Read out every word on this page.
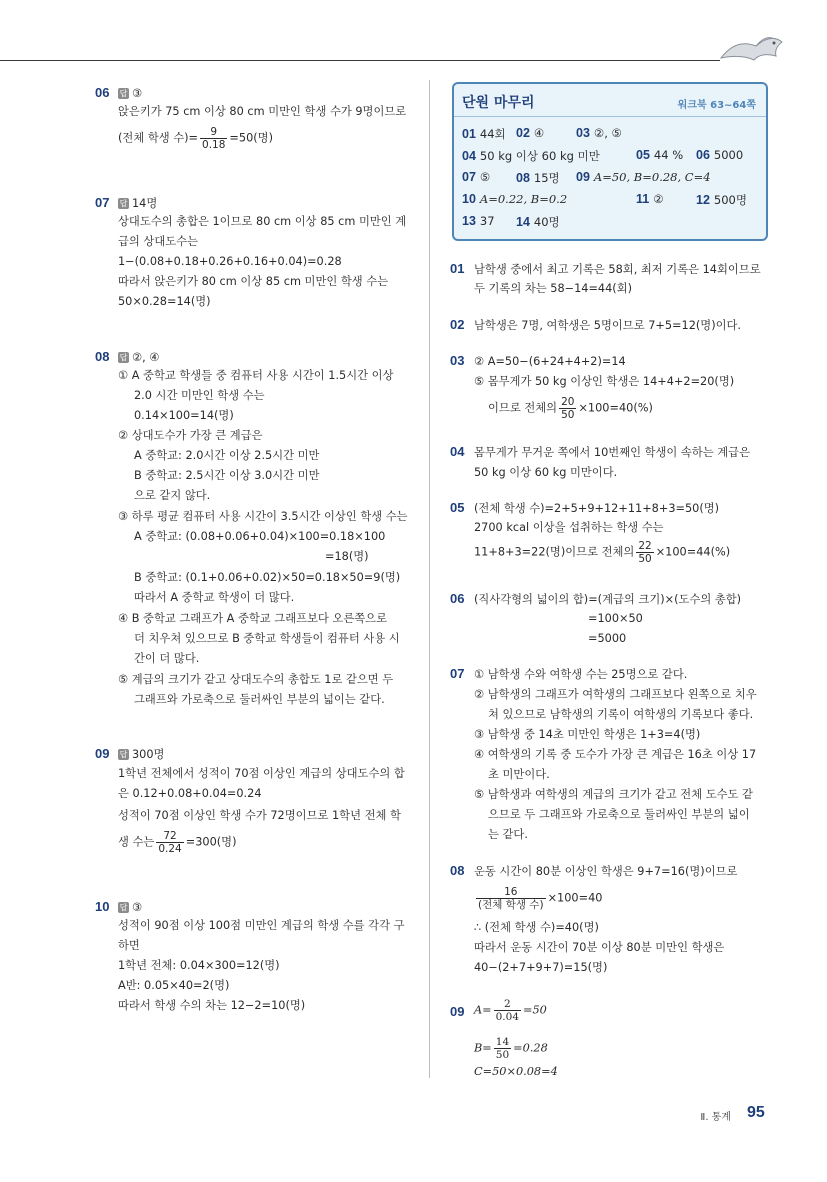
06 답 ③
앉은키가 75 cm 이상 80 cm 미만인 학생 수가 9명이므로
(전체 학생 수)= $\frac{9}{0.18} =50$(명)
07 답 14명
상대도수의 총합은 1이므로 80 cm 이상 85 cm 미만인 계
급의 상대도수는
1−(0.08+0.18+0.26+0.16+0.04)=0.28
따라서 앉은키가 80 cm 이상 85 cm 미만인 학생 수는
50×0.28=14(명)
08 답 ②, ④
① A 중학교 학생들 중 컴퓨터 사용 시간이 1.5시간 이상
2.0 시간 미만인 학생 수는
0.14×100=14(명)
② 상대도수가 가장 큰 계급은
A 중학교: 2.0시간 이상 2.5시간 미만
B 중학교: 2.5시간 이상 3.0시간 미만
으로 같지 않다.
③ 하루 평균 컴퓨터 사용 시간이 3.5시간 이상인 학생 수는
A 중학교: (0.08+0.06+0.04)×100=0.18×100
=18(명)
B 중학교: (0.1+0.06+0.02)×50=0.18×50=9(명)
따라서 A 중학교 학생이 더 많다.
④ B 중학교 그래프가 A 중학교 그래프보다 오른쪽으로
더 치우쳐 있으므로 B 중학교 학생들이 컴퓨터 사용 시
간이 더 많다.
⑤ 계급의 크기가 같고 상대도수의 총합도 1로 같으면 두
그래프와 가로축으로 둘러싸인 부분의 넓이는 같다.
09 답 300명
1학년 전체에서 성적이 70점 이상인 계급의 상대도수의 합
은 0.12+0.08+0.04=0.24
성적이 70점 이상인 학생 수가 72명이므로 1학년 전체 학
생 수는 $\frac{72}{0.24} =300$(명)
10 답 ③
성적이 90점 이상 100점 미만인 계급의 학생 수를 각각 구
하면
1학년 전체: 0.04×300=12(명)
A반: 0.05×40=2(명)
따라서 학생 수의 차는 12−2=10(명)
단원 마무리	워크북 63~64쪽
01 44회 02 ④	03 ②, ⑤
04 50 kg 이상 60 kg 미만	05 44 % 06 5000
07 ⑤ 08 15명 09 A=50, B=0.28, C=4
10 A=0.22, B=0.2	11 ②	12 500명
13 37 14 40명
01 남학생 중에서 최고 기록은 58회, 최저 기록은 14회이므로
두 기록의 차는 58−14=44(회)
02 남학생은 7명, 여학생은 5명이므로 7+5=12(명)이다.
03 ② A=50−(6+24+4+2)=14
⑤ 몸무게가 50 kg 이상인 학생은 14+4+2=20(명)
이므로 전체의 $\frac{20}{50} \times 100=40(\%)$
04 몸무게가 무거운 쪽에서 10번째인 학생이 속하는 계급은
50 kg 이상 60 kg 미만이다.
05 (전체 학생 수)=2+5+9+12+11+8+3=50(명)
2700 kcal 이상을 섭취하는 학생 수는
11+8+3=22(명)이므로 전체의 $\frac{22}{50} \times 100=44(\%)$
06 (직사각형의 넓이의 합)=(계급의 크기)×(도수의 총합)
=100×50
=5000
07 ① 남학생 수와 여학생 수는 25명으로 같다.
② 남학생의 그래프가 여학생의 그래프보다 왼쪽으로 치우
쳐 있으므로 남학생의 기록이 여학생의 기록보다 좋다.
③ 남학생 중 14초 미만인 학생은 1+3=4(명)
④ 여학생의 기록 중 도수가 가장 큰 계급은 16초 이상 17
초 미만이다.
⑤ 남학생과 여학생의 계급의 크기가 같고 전체 도수도 같
으므로 두 그래프와 가로축으로 둘러싸인 부분의 넓이
는 같다.
08 운동 시간이 80분 이상인 학생은 9+7=16(명)이므로
$\frac{16}{\text{(전체 학생 수)}} \times 100=40$
∴ (전체 학생 수)=40(명)
따라서 운동 시간이 70분 이상 80분 미만인 학생은
40−(2+7+9+7)=15(명)
09 $A= \frac{2}{0.04} =50$
$B= \frac{14}{50} =0.28$
C=50×0.08=4
Ⅱ. 통계 95
